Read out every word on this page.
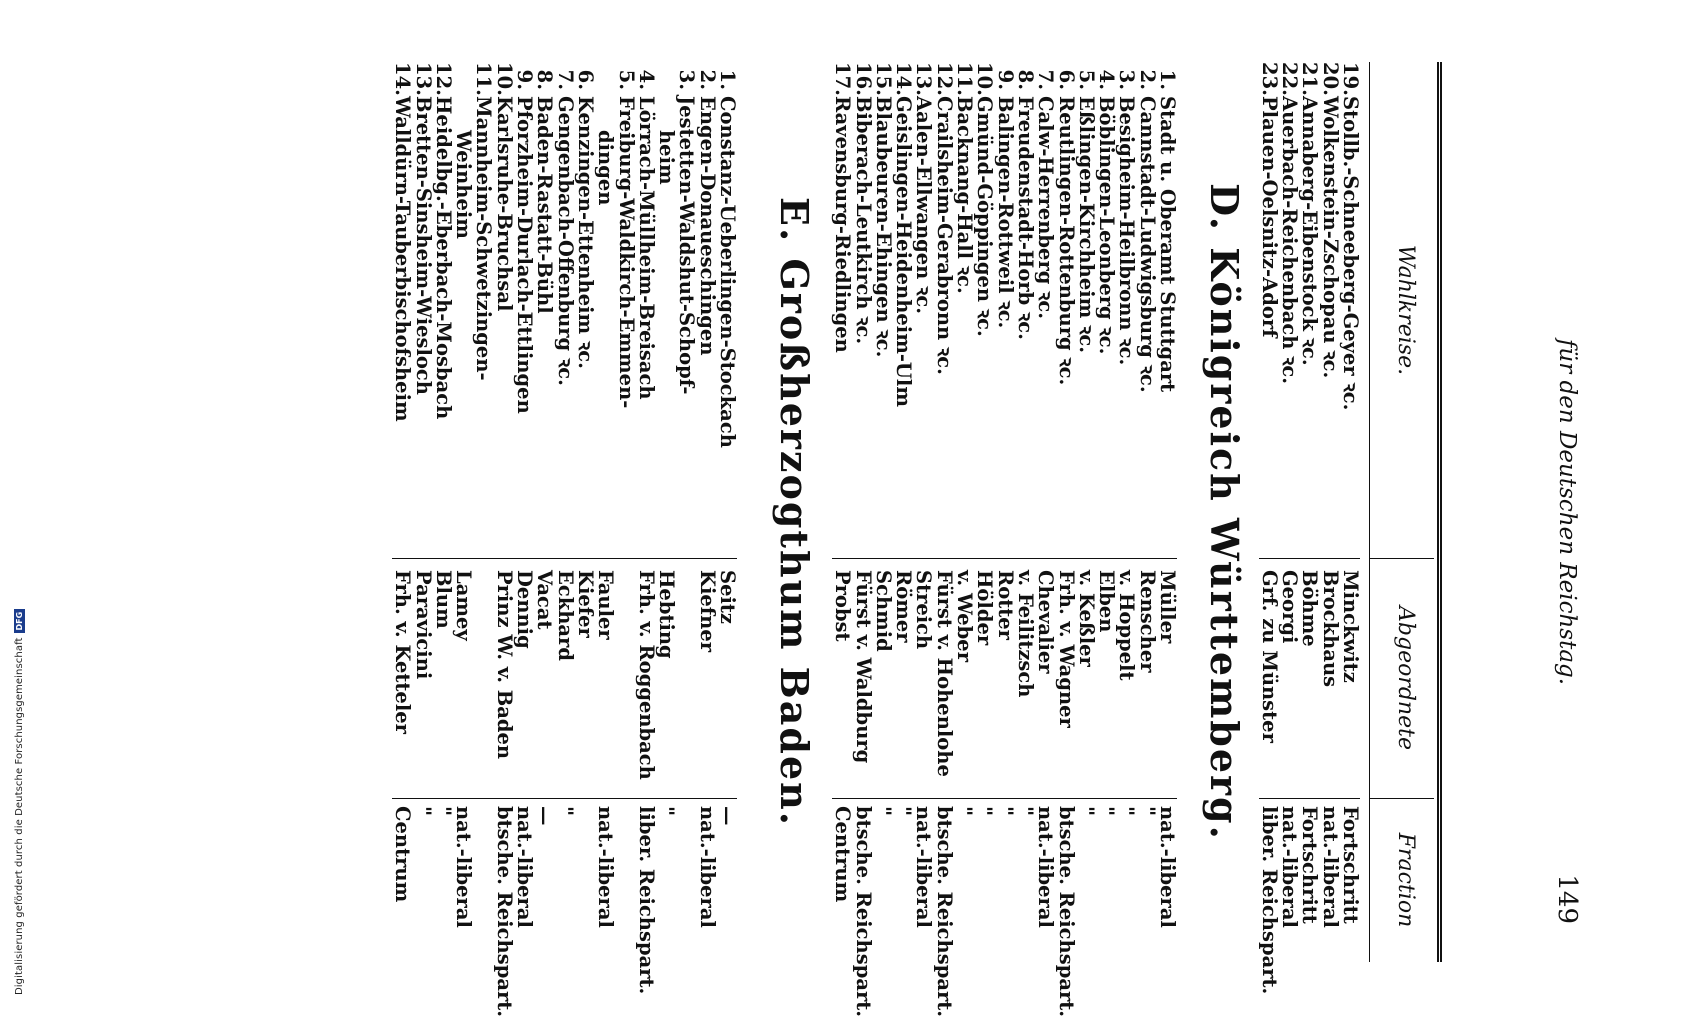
Digitalisierung gefördert durch die Deutsche Forschungsgemeinschaft
DFG	für den Deutschen Reichstag.
149
Wahlkreise.
Abgeordnete
Fraction
19.
Stollb.-Schneeberg-Geyer ꝛc.
Minckwitz
Fortschritt
20.
Wolkenstein-Zschopau ꝛc.
Brockhaus
nat.-liberal
21.
Annaberg-Eibenstock ꝛc.
Böhme
Fortschritt
22.
Auerbach-Reichenbach ꝛc.
Georgi
nat.-liberal
23.
Plauen-Oelsnitz-Adorf
Grf. zu Münster
liber. Reichspart.
D. Königreich Württemberg.
1.
Stadt u. Oberamt Stuttgart
Müller
nat.-liberal
2.
Cannstadt-Ludwigsburg ꝛc.
Renscher
"
3.
Besigheim-Heilbronn ꝛc.
v. Hoppelt
"
4.
Böblingen-Leonberg ꝛc.
Elben
"
5.
Eßlingen-Kirchheim ꝛc.
v. Keßler
"
6.
Reutlingen-Rottenburg ꝛc.
Frh. v. Wagner
btsche. Reichspart.
7.
Calw-Herrenberg ꝛc.
Chevalier
nat.-liberal
8.
Freudenstadt-Horb ꝛc.
v. Feilitzsch
"
9.
Balingen-Rottweil ꝛc.
Rotter
"
10.
Gmünd-Göppingen ꝛc.
Hölder
"
11.
Backnang-Hall ꝛc.
v. Weber
"
12.
Crailsheim-Gerabronn ꝛc.
Fürst v. Hohenlohe
btsche. Reichspart.
13.
Aalen-Ellwangen ꝛc.
Streich
nat.-liberal
14.
Geislingen-Heidenheim-Ulm
Römer
"
15.
Blaubeuren-Ehingen ꝛc.
Schmid
"
16.
Biberach-Leutkirch ꝛc.
Fürst v. Waldburg
btsche. Reichspart.
17.
Ravensburg-Riedlingen
Probst
Centrum
E. Großherzogthum Baden.
1.
Constanz-Ueberlingen-Stockach
Seitz
—
2.
Engen-Donaueschingen
Kiefner
nat.-liberal
3.
Jestetten-Waldshut-Schopf-
heim
Hebting
"
4.
Lörrach-Müllheim-Breisach
Frh. v. Roggenbach
liber. Reichspart.
5.
Freiburg-Waldkirch-Emmen-
dingen
Fauler
nat.-liberal
6.
Kenzingen-Ettenheim ꝛc.
Kiefer
7.
Gengenbach-Offenburg ꝛc.
Eckhard
"
8.
Baden-Rastatt-Bühl
Vacat
—
9.
Pforzheim-Durlach-Ettlingen
Dennig
nat.-liberal
10.
Karlsruhe-Bruchsal
Prinz W. v. Baden
btsche. Reichspart.
11.
Mannheim-Schwetzingen-
Weinheim
Lamey
nat.-liberal
12.
Heidelbg.-Eberbach-Mosbach
Blum
"
13.
Bretten-Sinsheim-Wiesloch
Paravicini
"
14.
Walldürn-Tauberbischofsheim
Frh. v. Ketteler
Centrum
